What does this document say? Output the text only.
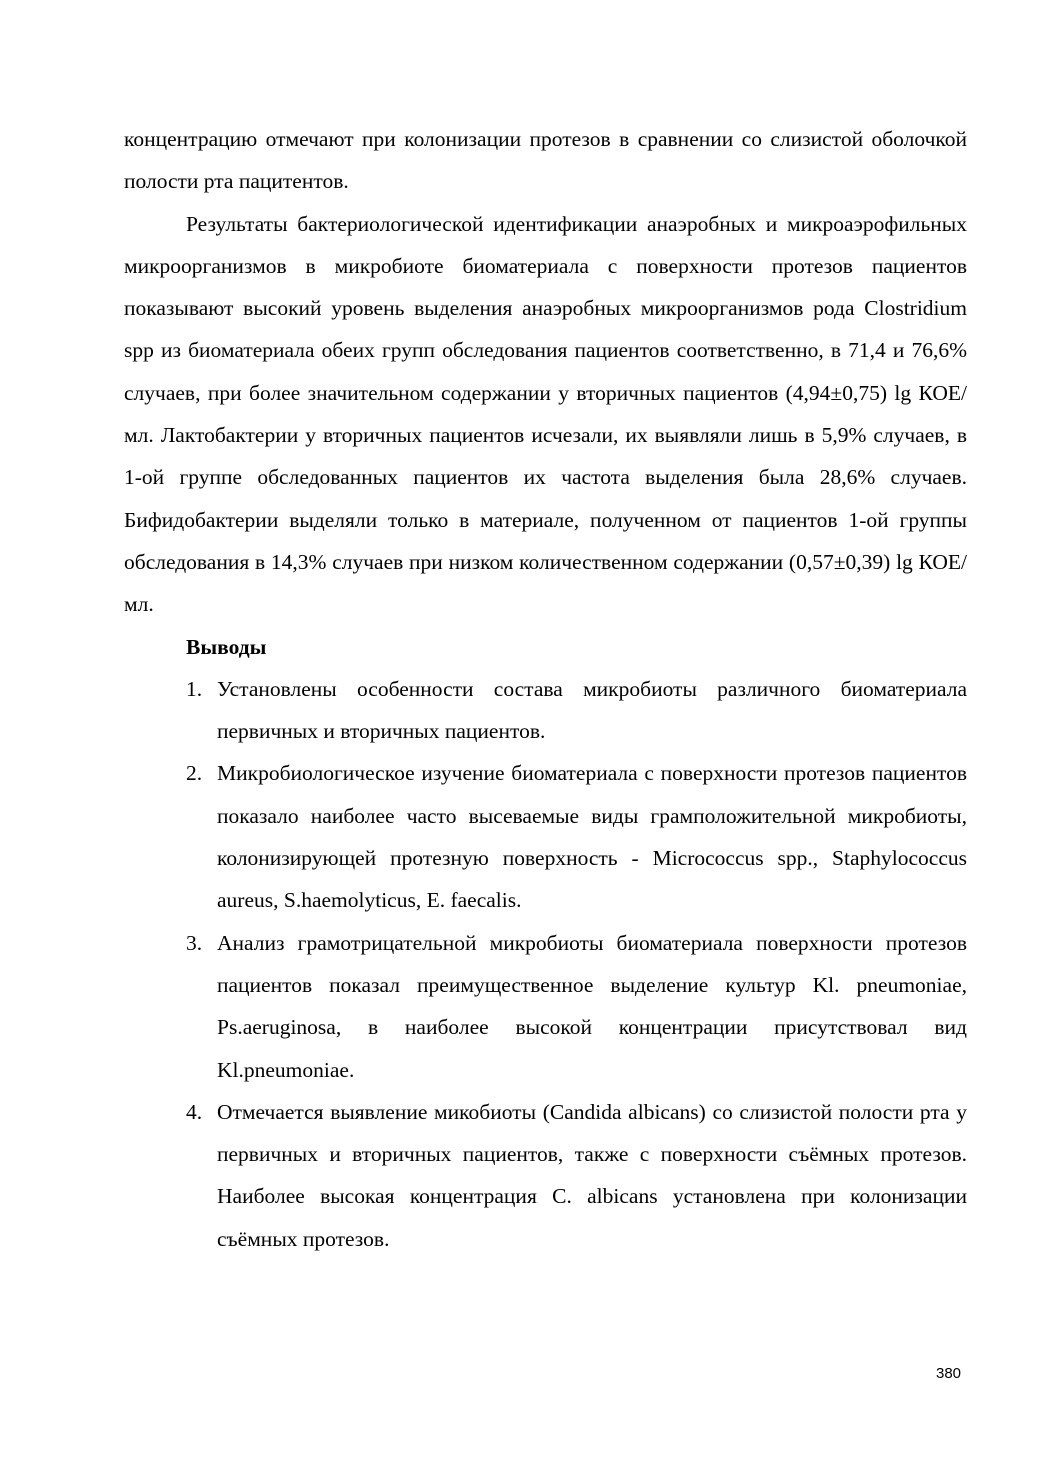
концентрацию отмечают при колонизации протезов в сравнении со слизистой оболочкой полости рта пацитентов.

Результаты бактериологической идентификации анаэробных и микроаэрофильных микроорганизмов в микробиоте биоматериала с поверхности протезов пациентов показывают высокий уровень выделения анаэробных микроорганизмов рода Clostridium spp из биоматериала обеих групп обследования пациентов соответственно, в 71,4 и 76,6% случаев, при более значительном содержании у вторичных пациентов (4,94±0,75) lg КОЕ/мл. Лактобактерии у вторичных пациентов исчезали, их выявляли лишь в 5,9% случаев, в 1-ой группе обследованных пациентов их частота выделения была 28,6% случаев. Бифидобактерии выделяли только в материале, полученном от пациентов 1-ой группы обследования в 14,3% случаев при низком количественном содержании (0,57±0,39) lg КОЕ/мл.

Выводы

1. Установлены особенности состава микробиоты различного биоматериала первичных и вторичных пациентов.
2. Микробиологическое изучение биоматериала с поверхности протезов пациентов показало наиболее часто высеваемые виды грамположительной микробиоты, колонизирующей протезную поверхность - Micrococcus spp., Staphylococcus aureus, S.haemolyticus, E. faecalis.
3. Анализ грамотрицательной микробиоты биоматериала поверхности протезов пациентов показал преимущественное выделение культур Kl. pneumoniae, Ps.aeruginosa, в наиболее высокой концентрации присутствовал вид Kl.pneumoniae.
4. Отмечается выявление микобиоты (Candida albicans) со слизистой полости рта у первичных и вторичных пациентов, также с поверхности съёмных протезов. Наиболее высокая концентрация C. albicans установлена при колонизации съёмных протезов.
380
